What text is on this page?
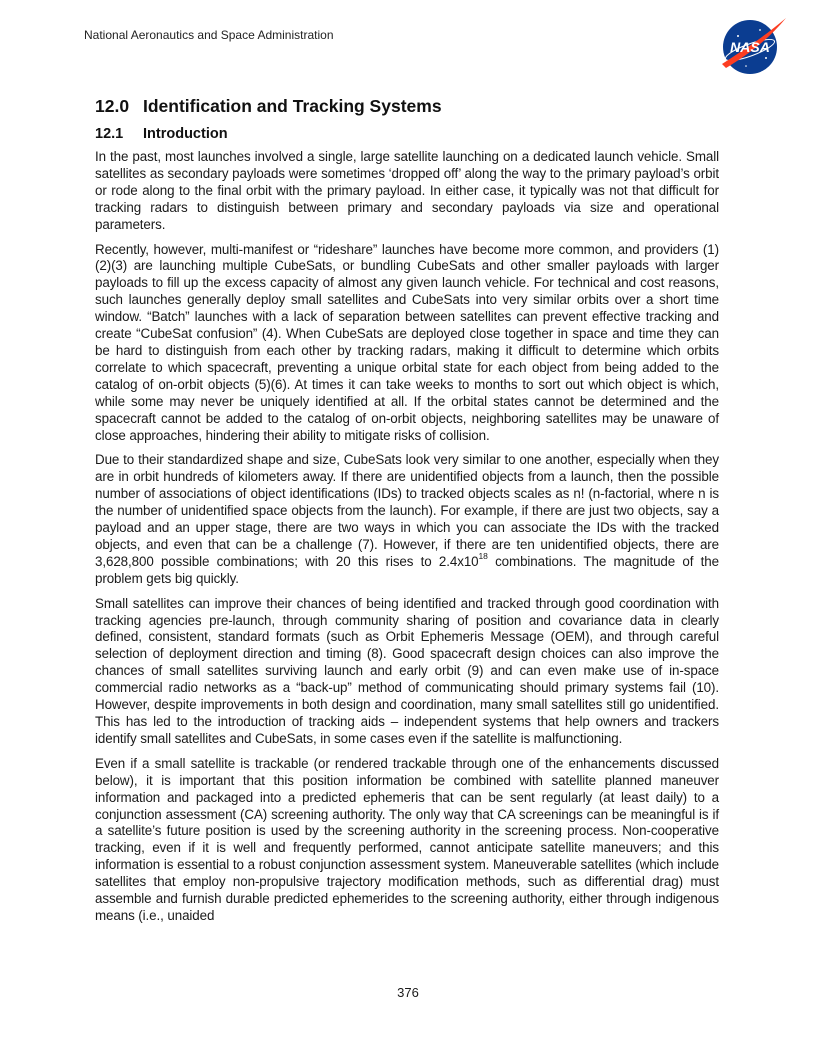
National Aeronautics and Space Administration
NASA
12.0 Identification and Tracking Systems
12.1 Introduction

In the past, most launches involved a single, large satellite launching on a dedicated launch vehicle. Small satellites as secondary payloads were sometimes ‘dropped off’ along the way to the primary payload’s orbit or rode along to the final orbit with the primary payload. In either case, it typically was not that difficult for tracking radars to distinguish between primary and secondary payloads via size and operational parameters.

Recently, however, multi-manifest or “rideshare” launches have become more common, and providers (1)(2)(3) are launching multiple CubeSats, or bundling CubeSats and other smaller payloads with larger payloads to fill up the excess capacity of almost any given launch vehicle. For technical and cost reasons, such launches generally deploy small satellites and CubeSats into very similar orbits over a short time window. “Batch” launches with a lack of separation between satellites can prevent effective tracking and create “CubeSat confusion” (4). When CubeSats are deployed close together in space and time they can be hard to distinguish from each other by tracking radars, making it difficult to determine which orbits correlate to which spacecraft, preventing a unique orbital state for each object from being added to the catalog of on-orbit objects (5)(6). At times it can take weeks to months to sort out which object is which, while some may never be uniquely identified at all. If the orbital states cannot be determined and the spacecraft cannot be added to the catalog of on-orbit objects, neighboring satellites may be unaware of close approaches, hindering their ability to mitigate risks of collision.

Due to their standardized shape and size, CubeSats look very similar to one another, especially when they are in orbit hundreds of kilometers away. If there are unidentified objects from a launch, then the possible number of associations of object identifications (IDs) to tracked objects scales as n! (n-factorial, where n is the number of unidentified space objects from the launch). For example, if there are just two objects, say a payload and an upper stage, there are two ways in which you can associate the IDs with the tracked objects, and even that can be a challenge (7). However, if there are ten unidentified objects, there are 3,628,800 possible combinations; with 20 this rises to $2.4x10^{18}$ combinations. The magnitude of the problem gets big quickly.

Small satellites can improve their chances of being identified and tracked through good coordination with tracking agencies pre-launch, through community sharing of position and covariance data in clearly defined, consistent, standard formats (such as Orbit Ephemeris Message (OEM), and through careful selection of deployment direction and timing (8). Good spacecraft design choices can also improve the chances of small satellites surviving launch and early orbit (9) and can even make use of in-space commercial radio networks as a “back-up” method of communicating should primary systems fail (10). However, despite improvements in both design and coordination, many small satellites still go unidentified. This has led to the introduction of tracking aids – independent systems that help owners and trackers identify small satellites and CubeSats, in some cases even if the satellite is malfunctioning.

Even if a small satellite is trackable (or rendered trackable through one of the enhancements discussed below), it is important that this position information be combined with satellite planned maneuver information and packaged into a predicted ephemeris that can be sent regularly (at least daily) to a conjunction assessment (CA) screening authority. The only way that CA screenings can be meaningful is if a satellite’s future position is used by the screening authority in the screening process. Non-cooperative tracking, even if it is well and frequently performed, cannot anticipate satellite maneuvers; and this information is essential to a robust conjunction assessment system. Maneuverable satellites (which include satellites that employ non-propulsive trajectory modification methods, such as differential drag) must assemble and furnish durable predicted ephemerides to the screening authority, either through indigenous means (i.e., unaided

376
